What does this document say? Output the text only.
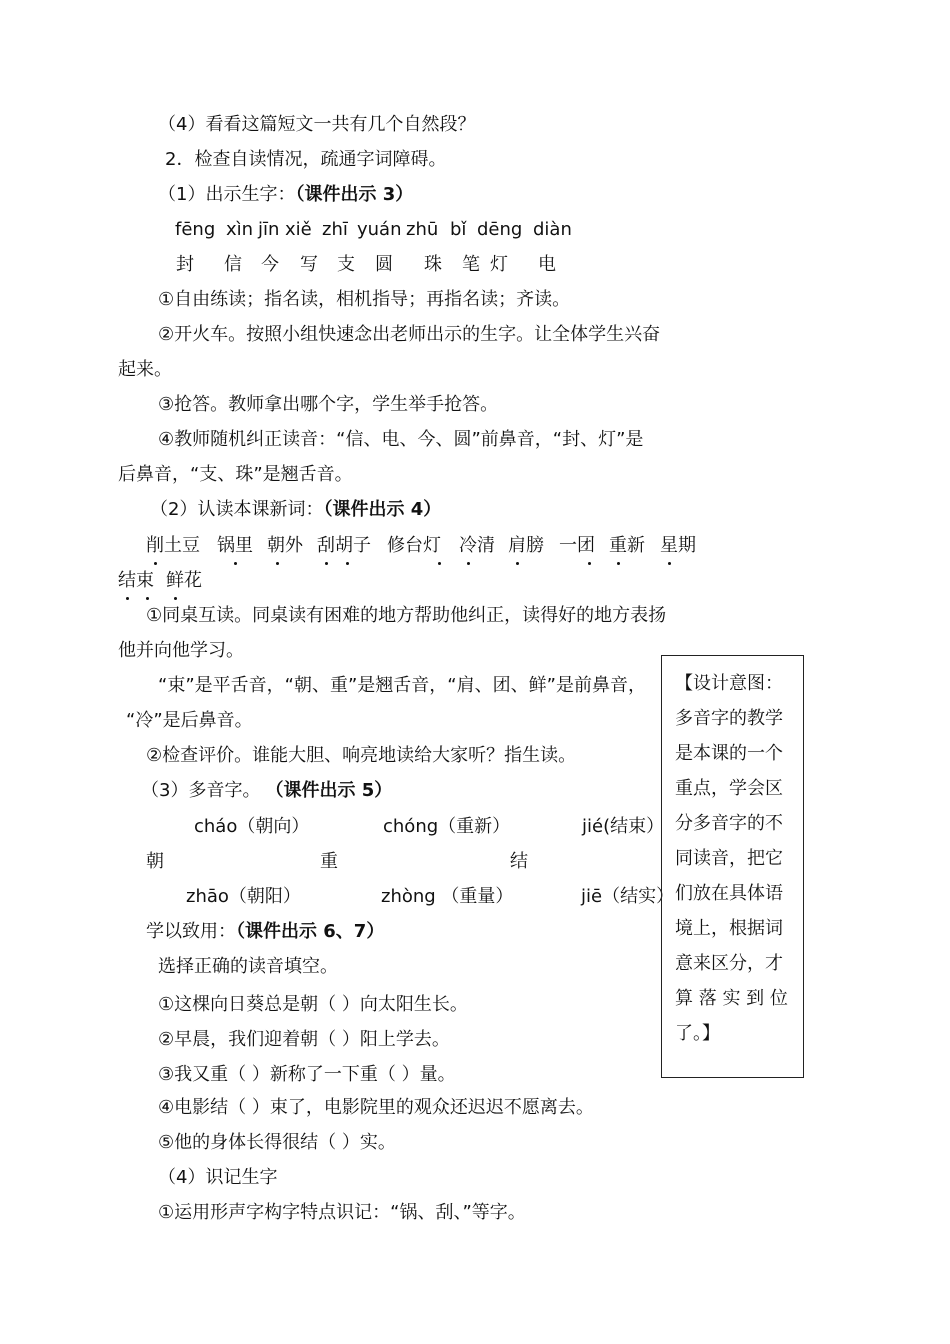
（4）看看这篇短文一共有几个自然段？
2．检查自读情况，疏通字词障碍。
（1）出示生字：（课件出示 3）
fēng xìn jīn xiě zhī yuán zhū bǐ dēng diàn
封 信 今 写 支 圆 珠 笔 灯 电
①自由练读；指名读，相机指导；再指名读；齐读。
②开火车。按照小组快速念出老师出示的生字。让全体学生兴奋
起来。
③抢答。教师拿出哪个字，学生举手抢答。
④教师随机纠正读音：“信、电、今、圆”前鼻音，“封、灯”是
后鼻音，“支、珠”是翘舌音。
（2）认读本课新词：（课件出示 4）
削土豆 锅里 朝外 刮胡子 修台灯 冷清 肩膀 一团 重新 星期
结束 鲜花
①同桌互读。同桌读有困难的地方帮助他纠正，读得好的地方表扬
他并向他学习。
“束”是平舌音，“朝、重”是翘舌音，“肩、团、鲜”是前鼻音，
“冷”是后鼻音。
②检查评价。谁能大胆、响亮地读给大家听？指生读。
（3）多音字。 （课件出示 5）
cháo（朝向）	chóng（重新）	jié(结束）
朝	重	结
zhāo（朝阳）	zhòng （重量）	jiē（结实）
学以致用：（课件出示 6、7）
选择正确的读音填空。
①这棵向日葵总是朝（ ）向太阳生长。
②早晨，我们迎着朝（ ）阳上学去。
③我又重（ ）新称了一下重（ ）量。
④电影结（ ）束了，电影院里的观众还迟迟不愿离去。
⑤他的身体长得很结（ ）实。
（4）识记生字
①运用形声字构字特点识记：“锅、刮、”等字。
【设计意图：
多音字的教学
是本课的一个
重点，学会区
分多音字的不
同读音，把它
们放在具体语
境上，根据词
意来区分，才
算 落 实 到 位
了。】
